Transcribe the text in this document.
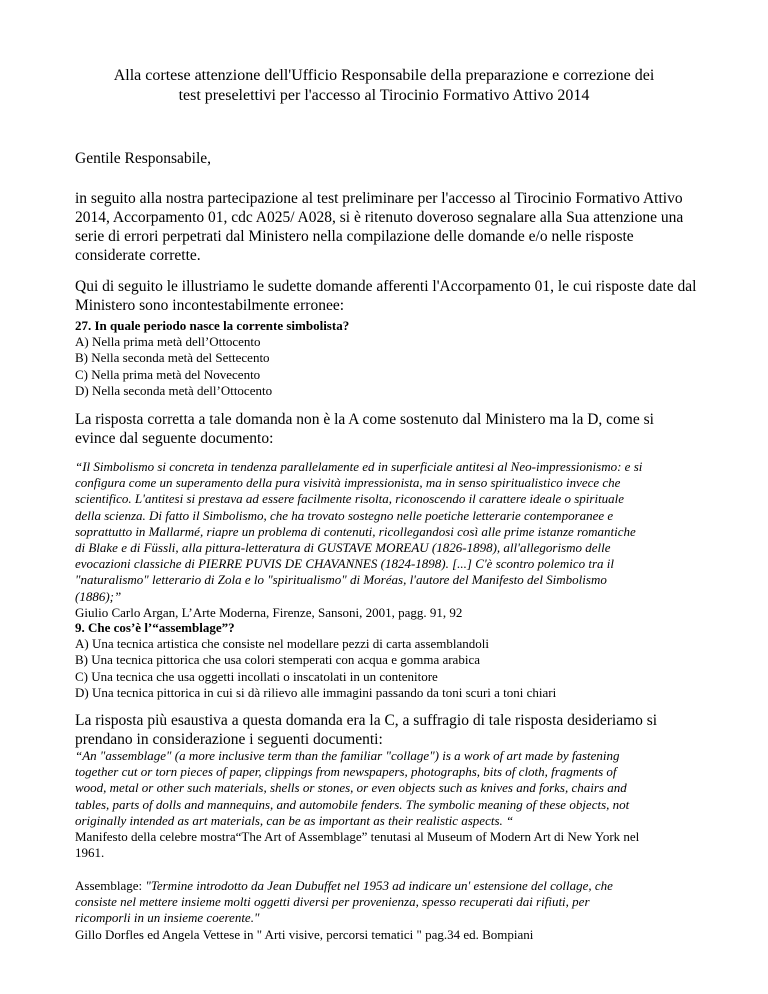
Alla cortese attenzione dell'Ufficio Responsabile della preparazione e correzione dei
test preselettivi per l'accesso al Tirocinio Formativo Attivo 2014
Gentile Responsabile,
in seguito alla nostra partecipazione al test preliminare per l'accesso al Tirocinio Formativo Attivo
2014, Accorpamento 01, cdc A025/ A028, si è ritenuto doveroso segnalare alla Sua attenzione una
serie di errori perpetrati dal Ministero nella compilazione delle domande e/o nelle risposte
considerate corrette.
Qui di seguito le illustriamo le sudette domande afferenti l'Accorpamento 01, le cui risposte date dal
Ministero sono incontestabilmente erronee:
27. In quale periodo nasce la corrente simbolista?
A) Nella prima metà dell’Ottocento
B) Nella seconda metà del Settecento
C) Nella prima metà del Novecento
D) Nella seconda metà dell’Ottocento
La risposta corretta a tale domanda non è la A come sostenuto dal Ministero ma la D, come si
evince dal seguente documento:
“Il Simbolismo si concreta in tendenza parallelamente ed in superficiale antitesi al Neo-impressionismo: e si
configura come un superamento della pura visività impressionista, ma in senso spiritualistico invece che
scientifico. L'antitesi si prestava ad essere facilmente risolta, riconoscendo il carattere ideale o spirituale
della scienza. Di fatto il Simbolismo, che ha trovato sostegno nelle poetiche letterarie contemporanee e
soprattutto in Mallarmé, riapre un problema di contenuti, ricollegandosi così alle prime istanze romantiche
di Blake e di Füssli, alla pittura-letteratura di GUSTAVE MOREAU (1826-1898), all'allegorismo delle
evocazioni classiche di PIERRE PUVIS DE CHAVANNES (1824-1898). [...] C'è scontro polemico tra il
"naturalismo" letterario di Zola e lo "spiritualismo" di Moréas, l'autore del Manifesto del Simbolismo
(1886);”
Giulio Carlo Argan, L’Arte Moderna, Firenze, Sansoni, 2001, pagg. 91, 92
9. Che cos’è l’“assemblage”?
A) Una tecnica artistica che consiste nel modellare pezzi di carta assemblandoli
B) Una tecnica pittorica che usa colori stemperati con acqua e gomma arabica
C) Una tecnica che usa oggetti incollati o inscatolati in un contenitore
D) Una tecnica pittorica in cui si dà rilievo alle immagini passando da toni scuri a toni chiari
La risposta più esaustiva a questa domanda era la C, a suffragio di tale risposta desideriamo si
prendano in considerazione i seguenti documenti:
“An "assemblage" (a more inclusive term than the familiar "collage") is a work of art made by fastening
together cut or torn pieces of paper, clippings from newspapers, photographs, bits of cloth, fragments of
wood, metal or other such materials, shells or stones, or even objects such as knives and forks, chairs and
tables, parts of dolls and mannequins, and automobile fenders. The symbolic meaning of these objects, not
originally intended as art materials, can be as important as their realistic aspects. “
Manifesto della celebre mostra“The Art of Assemblage” tenutasi al Museum of Modern Art di New York nel
1961.
Assemblage: "Termine introdotto da Jean Dubuffet nel 1953 ad indicare un' estensione del collage, che
consiste nel mettere insieme molti oggetti diversi per provenienza, spesso recuperati dai rifiuti, per
ricomporli in un insieme coerente."
Gillo Dorfles ed Angela Vettese in " Arti visive, percorsi tematici " pag.34 ed. Bompiani
